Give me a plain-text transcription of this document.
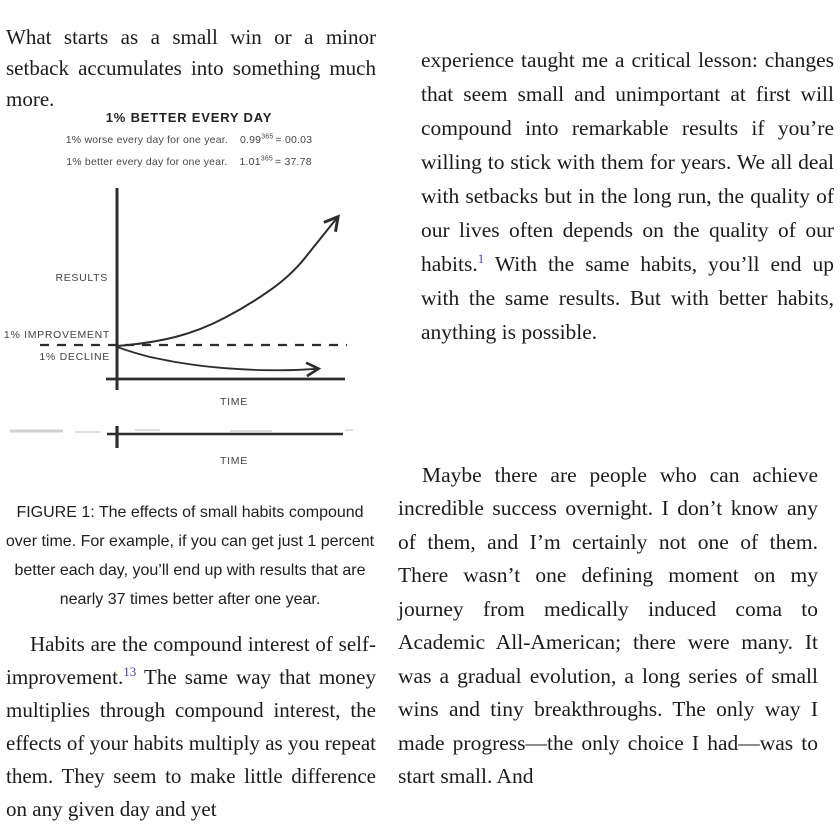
What starts as a small win or a minor setback accumulates into something much more.

1% BETTER EVERY DAY
1% worse every day for one year. $0.99^{365} = 00.03$
1% better every day for one year. $1.01^{365} = 37.78$
RESULTS
1% IMPROVEMENT
1% DECLINE
TIME
TIME

FIGURE 1: The effects of small habits compound over time. For example, if you can get just 1 percent better each day, you’ll end up with results that are nearly 37 times better after one year.

Habits are the compound interest of self-improvement.$^{13}$ The same way that money multiplies through compound interest, the effects of your habits multiply as you repeat them. They seem to make little difference on any given day and yet

experience taught me a critical lesson: changes that seem small and unimportant at first will compound into remarkable results if you’re willing to stick with them for years. We all deal with setbacks but in the long run, the quality of our lives often depends on the quality of our habits.$^1$ With the same habits, you’ll end up with the same results. But with better habits, anything is possible.

Maybe there are people who can achieve incredible success overnight. I don’t know any of them, and I’m certainly not one of them. There wasn’t one defining moment on my journey from medically induced coma to Academic All-American; there were many. It was a gradual evolution, a long series of small wins and tiny breakthroughs. The only way I made progress—the only choice I had—was to start small. And
